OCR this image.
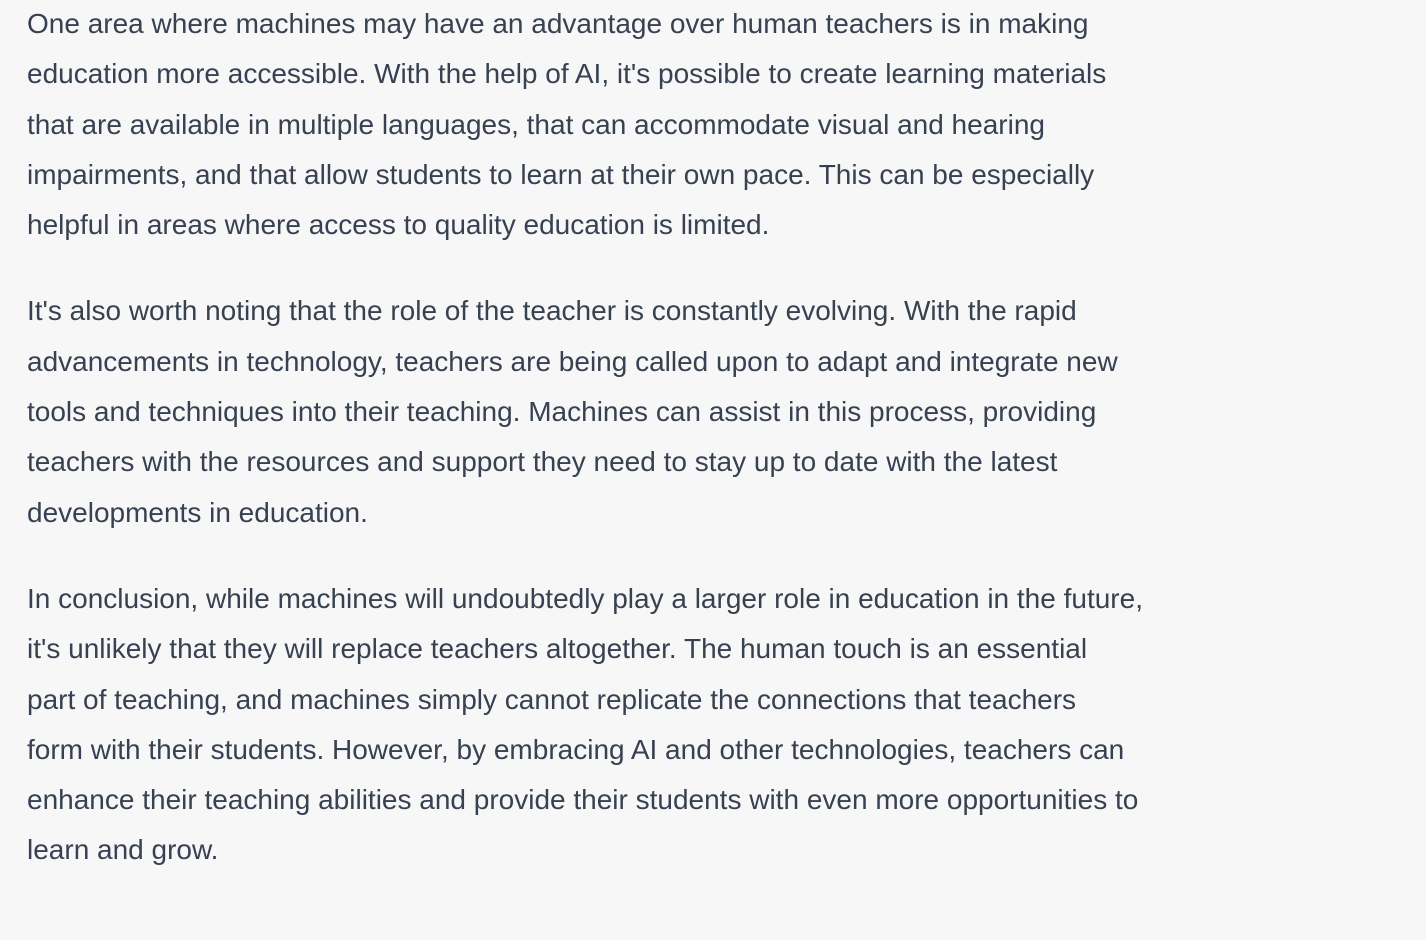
One area where machines may have an advantage over human teachers is in making
education more accessible. With the help of AI, it's possible to create learning materials
that are available in multiple languages, that can accommodate visual and hearing
impairments, and that allow students to learn at their own pace. This can be especially
helpful in areas where access to quality education is limited.

It's also worth noting that the role of the teacher is constantly evolving. With the rapid
advancements in technology, teachers are being called upon to adapt and integrate new
tools and techniques into their teaching. Machines can assist in this process, providing
teachers with the resources and support they need to stay up to date with the latest
developments in education.

In conclusion, while machines will undoubtedly play a larger role in education in the future,
it's unlikely that they will replace teachers altogether. The human touch is an essential
part of teaching, and machines simply cannot replicate the connections that teachers
form with their students. However, by embracing AI and other technologies, teachers can
enhance their teaching abilities and provide their students with even more opportunities to
learn and grow.
